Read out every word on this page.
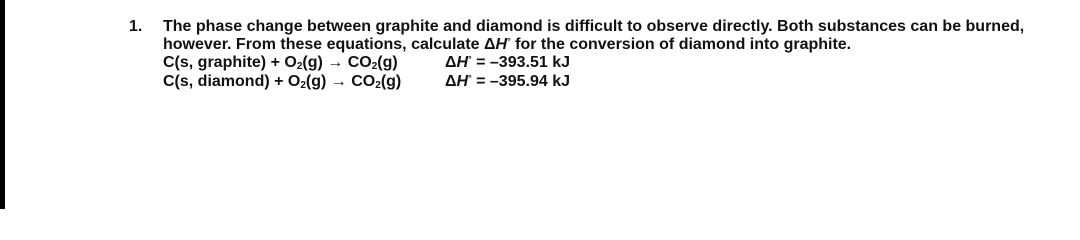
1.	The phase change between graphite and diamond is difficult to observe directly. Both substances can be burned,
however. From these equations, calculate ΔH° for the conversion of diamond into graphite.
C(s, graphite) + $O_2(g) \to CO_2(g)$	ΔH° = –393.51 kJ
C(s, diamond) + $O_2(g) \to CO_2(g)$	ΔH° = –395.94 kJ
